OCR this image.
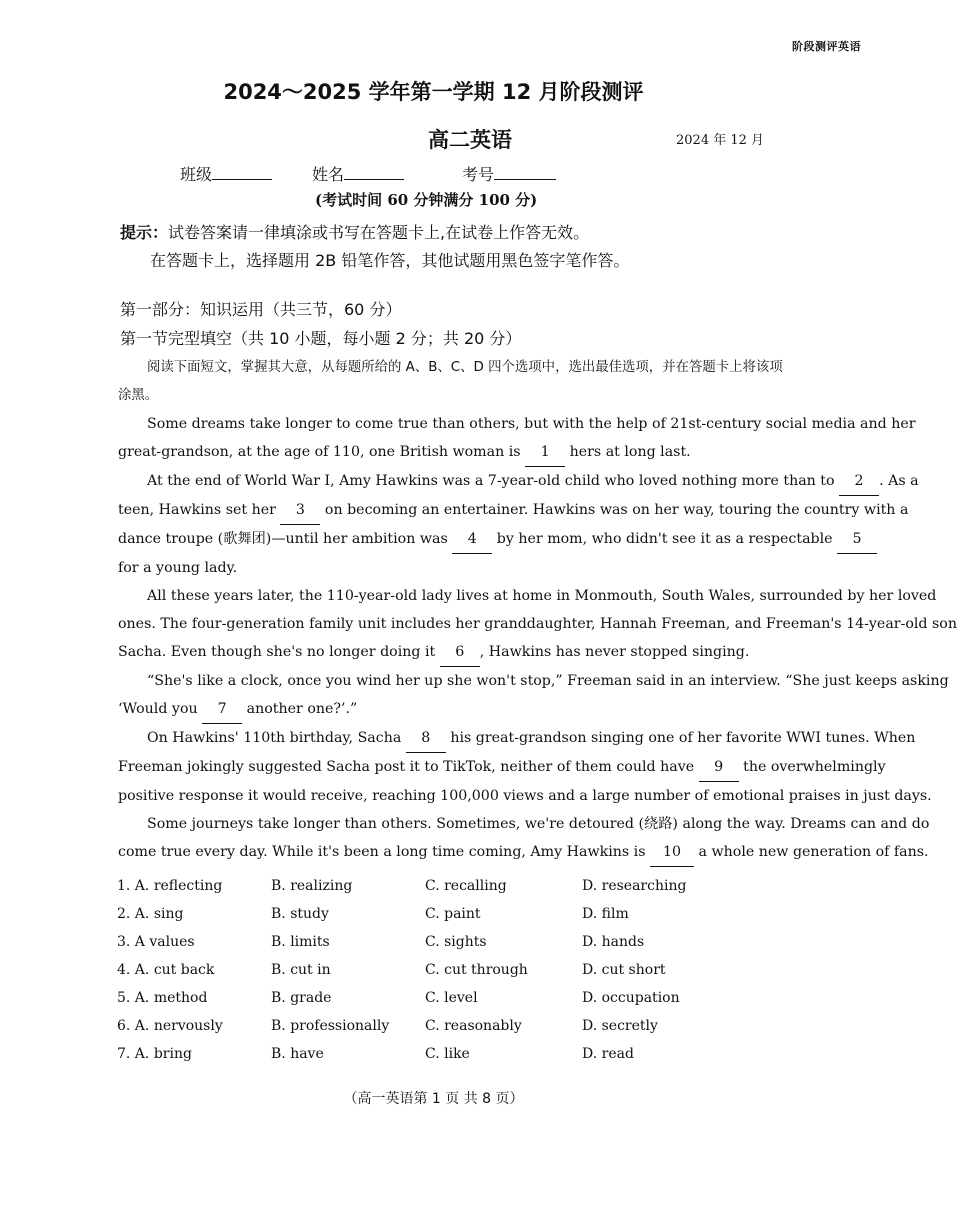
阶段测评英语
2024～2025 学年第一学期 12 月阶段测评
高二英语	2024 年 12 月
班级	姓名	考号
(考试时间 60 分钟满分 100 分)
提示：试卷答案请一律填涂或书写在答题卡上,在试卷上作答无效。
在答题卡上，选择题用 2B 铅笔作答，其他试题用黑色签字笔作答。
第一部分：知识运用（共三节，60 分）
第一节完型填空（共 10 小题，每小题 2 分；共 20 分）

阅读下面短文，掌握其大意，从每题所给的 A、B、C、D 四个选项中，选出最佳选项，并在答题卡上将该项

涂黑。

Some dreams take longer to come true than others, but with the help of 21st-century social media and her

great-grandson, at the age of 110, one British woman is 1 hers at long last.

At the end of World War I, Amy Hawkins was a 7-year-old child who loved nothing more than to 2 . As a

teen, Hawkins set her 3 on becoming an entertainer. Hawkins was on her way, touring the country with a

dance troupe (歌舞团)—until her ambition was 4 by her mom, who didn't see it as a respectable 5

for a young lady.

All these years later, the 110-year-old lady lives at home in Monmouth, South Wales, surrounded by her loved

ones. The four-generation family unit includes her granddaughter, Hannah Freeman, and Freeman's 14-year-old son

Sacha. Even though she's no longer doing it 6 , Hawkins has never stopped singing.

“She's like a clock, once you wind her up she won't stop,” Freeman said in an interview. “She just keeps asking

‘Would you 7 another one?’.”

On Hawkins' 110th birthday, Sacha 8 his great-grandson singing one of her favorite WWI tunes. When

Freeman jokingly suggested Sacha post it to TikTok, neither of them could have 9 the overwhelmingly

positive response it would receive, reaching 100,000 views and a large number of emotional praises in just days.

Some journeys take longer than others. Sometimes, we're detoured (绕路) along the way. Dreams can and do

come true every day. While it's been a long time coming, Amy Hawkins is 10 a whole new generation of fans.

1. A. reflecting	B. realizing	C. recalling	D. researching
2. A. sing	B. study	C. paint	D. film
3. A values	B. limits	C. sights	D. hands
4. A. cut back	B. cut in	C. cut through	D. cut short
5. A. method	B. grade	C. level	D. occupation
6. A. nervously	B. professionally	C. reasonably	D. secretly
7. A. bring	B. have	C. like	D. read
（高一英语第 1 页 共 8 页）
